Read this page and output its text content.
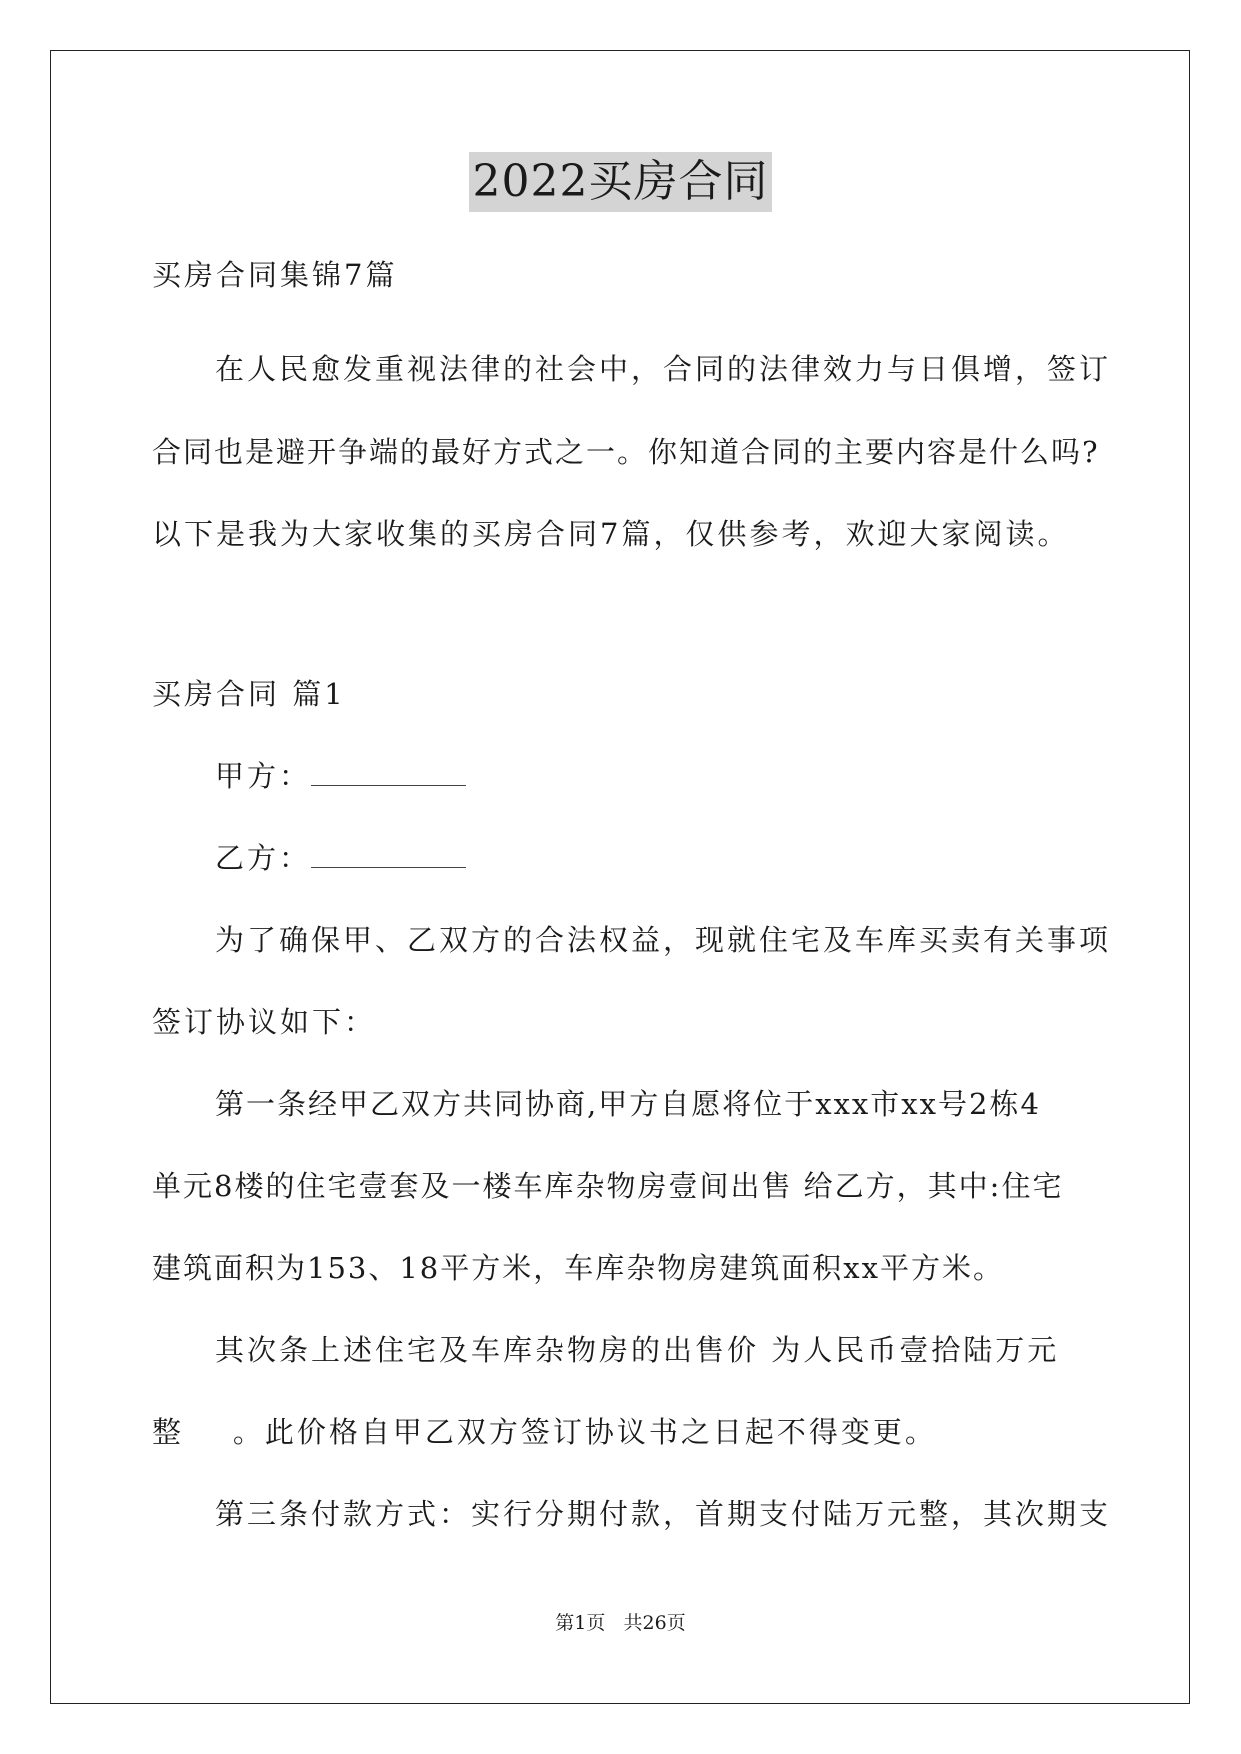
2022买房合同
买房合同集锦7篇
在人民愈发重视法律的社会中，合同的法律效力与日俱增，签订
合同也是避开争端的最好方式之一。你知道合同的主要内容是什么吗?
以下是我为大家收集的买房合同7篇，仅供参考，欢迎大家阅读。
买房合同 篇1
甲方：
乙方：
为了确保甲、乙双方的合法权益，现就住宅及车库买卖有关事项
签订协议如下：
第一条经甲乙双方共同协商,甲方自愿将位于xxx市xx号2栋4
单元8楼的住宅壹套及一楼车库杂物房壹间出售 给乙方，其中:住宅
建筑面积为153、18平方米，车库杂物房建筑面积xx平方米。
其次条上述住宅及车库杂物房的出售价 为人民币壹拾陆万元
整    。此价格自甲乙双方签订协议书之日起不得变更。
第三条付款方式：实行分期付款，首期支付陆万元整，其次期支
第1页   共26页
